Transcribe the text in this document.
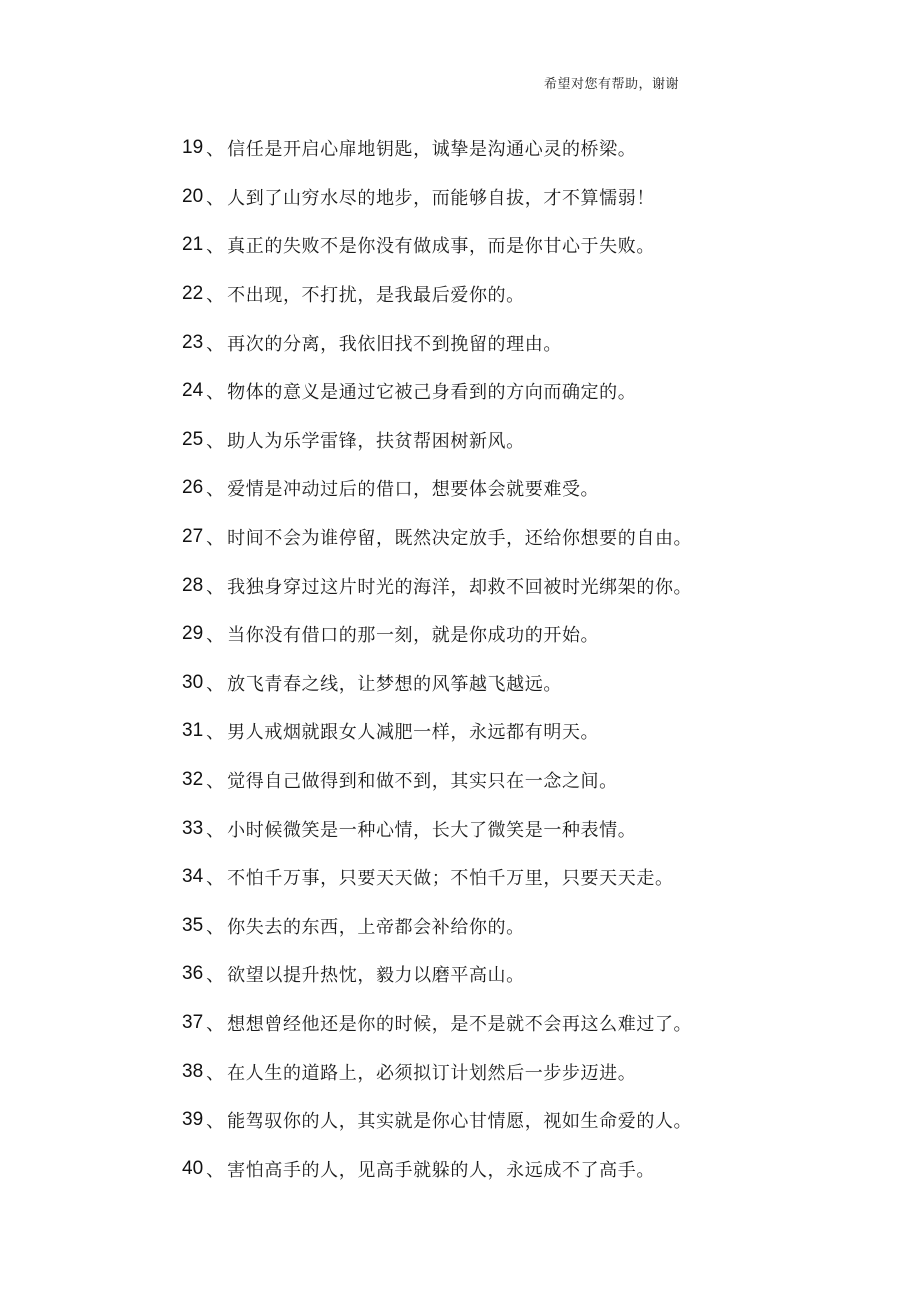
希望对您有帮助，谢谢
19 、 信任是开启心扉地钥匙，诚挚是沟通心灵的桥梁。
20 、 人到了山穷水尽的地步，而能够自拔，才不算懦弱！
21 、 真正的失败不是你没有做成事，而是你甘心于失败。
22 、 不出现，不打扰，是我最后爱你的。
23 、 再次的分离，我依旧找不到挽留的理由。
24 、 物体的意义是通过它被己身看到的方向而确定的。
25 、 助人为乐学雷锋，扶贫帮困树新风。
26 、 爱情是冲动过后的借口，想要体会就要难受。
27 、 时间不会为谁停留，既然决定放手，还给你想要的自由。
28 、 我独身穿过这片时光的海洋，却救不回被时光绑架的你。
29 、 当你没有借口的那一刻，就是你成功的开始。
30 、 放飞青春之线，让梦想的风筝越飞越远。
31 、 男人戒烟就跟女人减肥一样，永远都有明天。
32 、 觉得自己做得到和做不到，其实只在一念之间。
33 、 小时候微笑是一种心情，长大了微笑是一种表情。
34 、 不怕千万事，只要天天做；不怕千万里，只要天天走。
35 、 你失去的东西，上帝都会补给你的。
36 、 欲望以提升热忱，毅力以磨平高山。
37 、 想想曾经他还是你的时候，是不是就不会再这么难过了。
38 、 在人生的道路上，必须拟订计划然后一步步迈进。
39 、 能驾驭你的人，其实就是你心甘情愿，视如生命爱的人。
40 、 害怕高手的人，见高手就躲的人，永远成不了高手。
